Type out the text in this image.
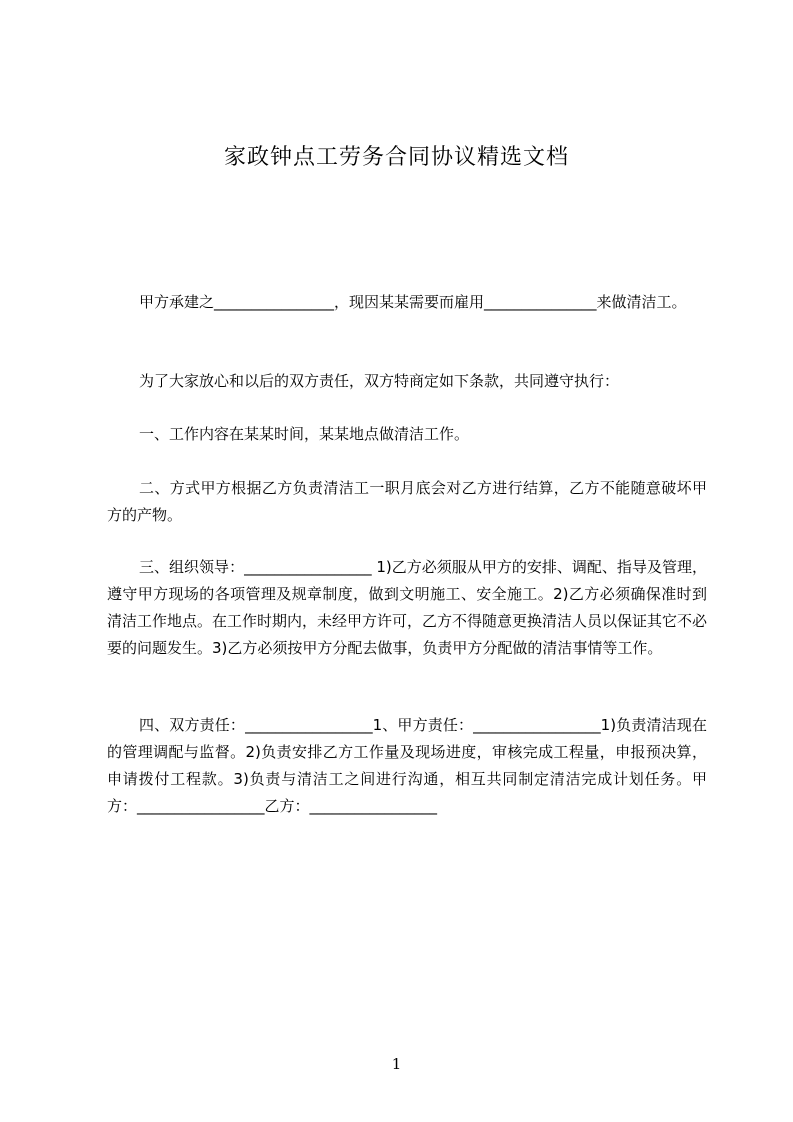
家政钟点工劳务合同协议精选文档
甲方承建之________________，现因某某需要而雇用_______________来做清洁工。
为了大家放心和以后的双方责任，双方特商定如下条款，共同遵守执行：
一、工作内容在某某时间，某某地点做清洁工作。
二、方式甲方根据乙方负责清洁工一职月底会对乙方进行结算，乙方不能随意破坏甲方的产物。
三、组织领导：_________________ 1)乙方必须服从甲方的安排、调配、指导及管理，遵守甲方现场的各项管理及规章制度，做到文明施工、安全施工。2)乙方必须确保准时到清洁工作地点。在工作时期内，未经甲方许可，乙方不得随意更换清洁人员以保证其它不必要的问题发生。3)乙方必须按甲方分配去做事，负责甲方分配做的清洁事情等工作。
四、双方责任：_________________1、甲方责任：_________________1)负责清洁现在的管理调配与监督。2)负责安排乙方工作量及现场进度，审核完成工程量，申报预决算，申请拨付工程款。3)负责与清洁工之间进行沟通，相互共同制定清洁完成计划任务。甲方：_________________乙方：_________________
1
